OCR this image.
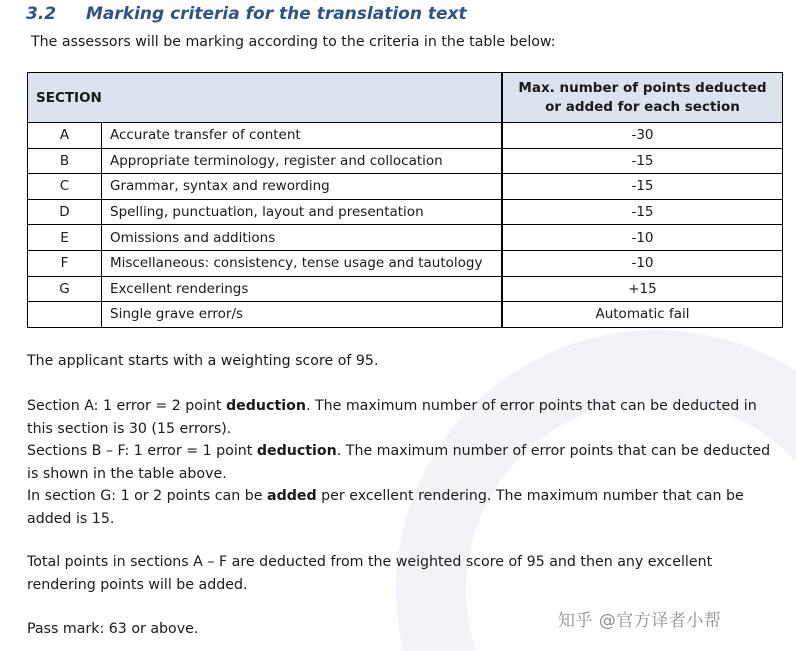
3.2 Marking criteria for the translation text
The assessors will be marking according to the criteria in the table below:
SECTION		Max. number of points deducted or added for each section
A	Accurate transfer of content	-30
B	Appropriate terminology, register and collocation	-15
C	Grammar, syntax and rewording	-15
D	Spelling, punctuation, layout and presentation	-15
E	Omissions and additions	-10
F	Miscellaneous: consistency, tense usage and tautology	-10
G	Excellent renderings	+15
	Single grave error/s	Automatic fail
The applicant starts with a weighting score of 95.
Section A: 1 error = 2 point deduction. The maximum number of error points that can be deducted in this section is 30 (15 errors).
Sections B – F: 1 error = 1 point deduction. The maximum number of error points that can be deducted is shown in the table above.
In section G: 1 or 2 points can be added per excellent rendering. The maximum number that can be added is 15.
Total points in sections A – F are deducted from the weighted score of 95 and then any excellent rendering points will be added.
Pass mark: 63 or above.	知乎 @官方译者小帮
